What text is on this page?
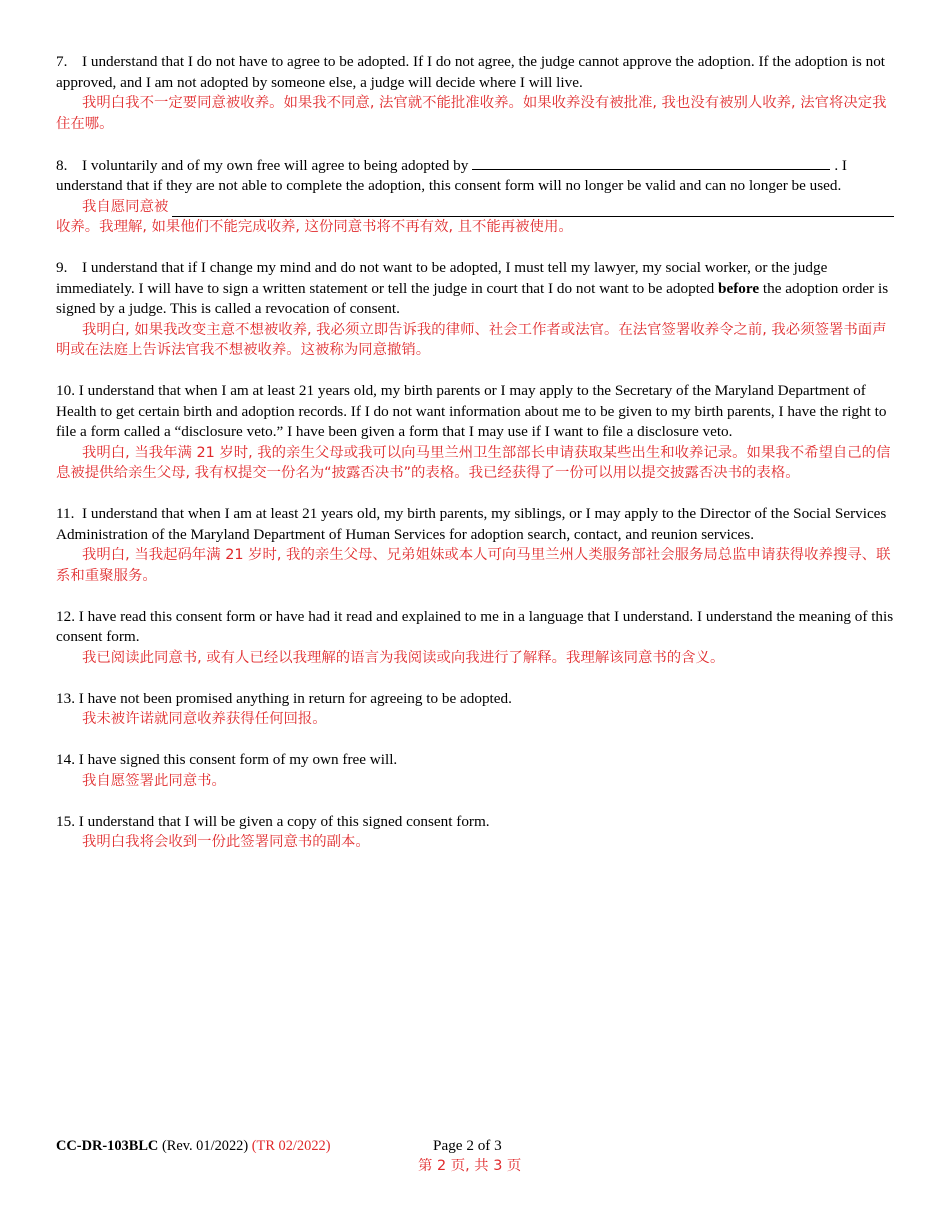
7. I understand that I do not have to agree to be adopted. If I do not agree, the judge cannot approve the adoption. If the adoption is not approved, and I am not adopted by someone else, a judge will decide where I will live.

我明白我不一定要同意被收养。如果我不同意, 法官就不能批准收养。如果收养没有被批准, 我也没有被别人收养, 法官将决定我住在哪。

8. I voluntarily and of my own free will agree to being adopted by	. I understand that if they are not able to complete the adoption, this consent form will no longer be valid and can no longer be used.

我自愿同意被

收养。我理解, 如果他们不能完成收养, 这份同意书将不再有效, 且不能再被使用。

9. I understand that if I change my mind and do not want to be adopted, I must tell my lawyer, my social worker, or the judge immediately. I will have to sign a written statement or tell the judge in court that I do not want to be adopted before the adoption order is signed by a judge. This is called a revocation of consent.

我明白, 如果我改变主意不想被收养, 我必须立即告诉我的律师、社会工作者或法官。在法官签署收养令之前, 我必须签署书面声明或在法庭上告诉法官我不想被收养。这被称为同意撤销。

10. I understand that when I am at least 21 years old, my birth parents or I may apply to the Secretary of the Maryland Department of Health to get certain birth and adoption records. If I do not want information about me to be given to my birth parents, I have the right to file a form called a “disclosure veto.” I have been given a form that I may use if I want to file a disclosure veto.

我明白, 当我年满 21 岁时, 我的亲生父母或我可以向马里兰州卫生部部长申请获取某些出生和收养记录。如果我不希望自己的信息被提供给亲生父母, 我有权提交一份名为“披露否决书”的表格。我已经获得了一份可以用以提交披露否决书的表格。

11. I understand that when I am at least 21 years old, my birth parents, my siblings, or I may apply to the Director of the Social Services Administration of the Maryland Department of Human Services for adoption search, contact, and reunion services.

我明白, 当我起码年满 21 岁时, 我的亲生父母、兄弟姐妹或本人可向马里兰州人类服务部社会服务局总监申请获得收养搜寻、联系和重聚服务。

12. I have read this consent form or have had it read and explained to me in a language that I understand. I understand the meaning of this consent form.

我已阅读此同意书, 或有人已经以我理解的语言为我阅读或向我进行了解释。我理解该同意书的含义。

13. I have not been promised anything in return for agreeing to be adopted.

我未被许诺就同意收养获得任何回报。

14. I have signed this consent form of my own free will.

我自愿签署此同意书。

15. I understand that I will be given a copy of this signed consent form.

我明白我将会收到一份此签署同意书的副本。

CC-DR-103BLC (Rev. 01/2022) (TR 02/2022)	Page 2 of 3
第 2 页, 共 3 页
